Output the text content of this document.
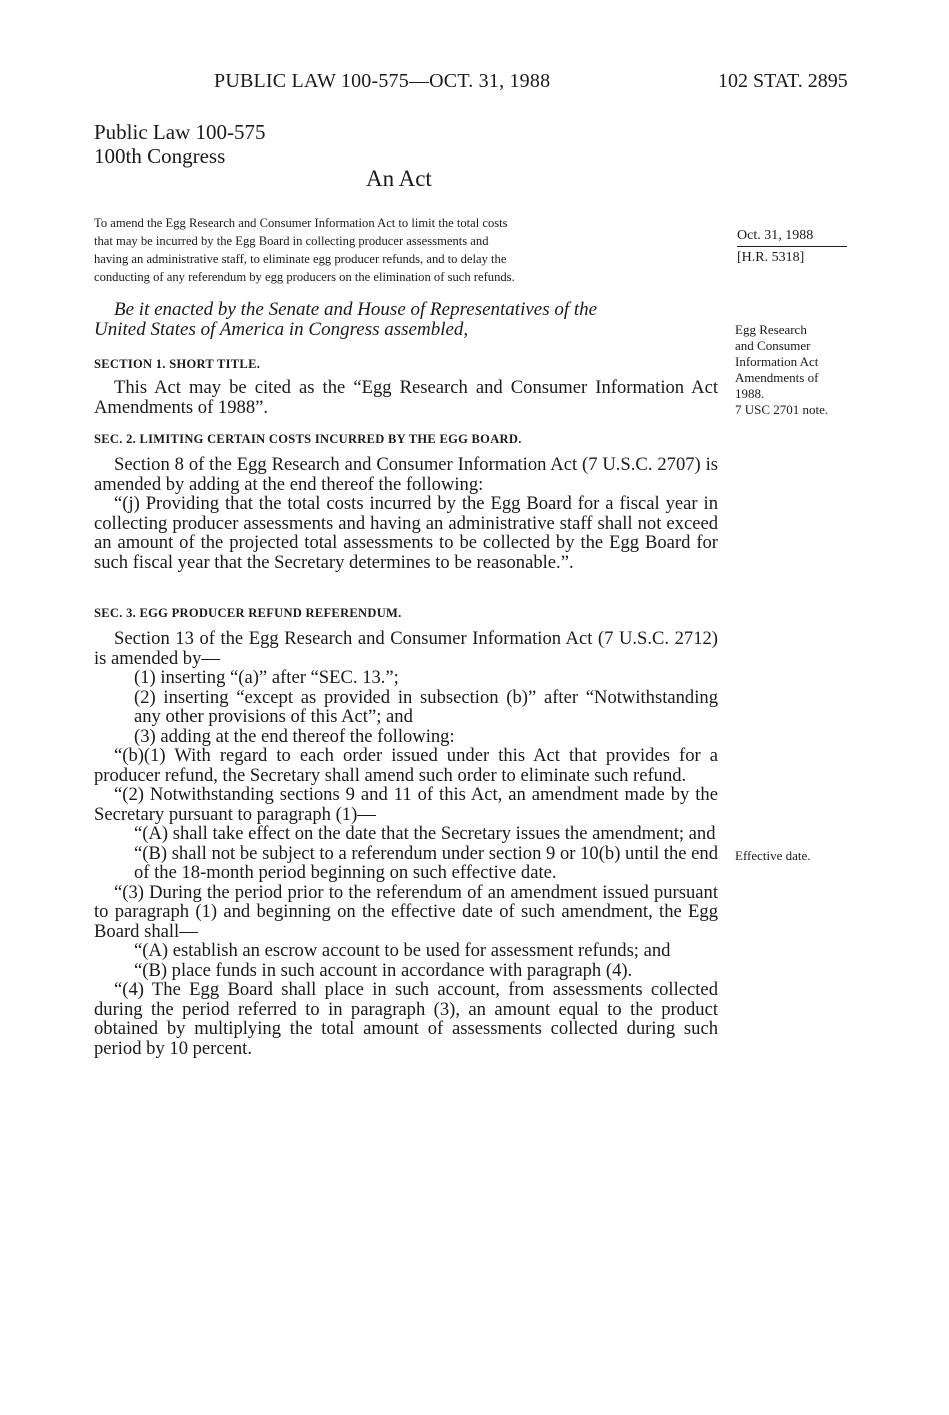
PUBLIC LAW 100-575—OCT. 31, 1988	102 STAT. 2895
Public Law 100-575
100th Congress
An Act

To amend the Egg Research and Consumer Information Act to limit the total costs

that may be incurred by the Egg Board in collecting producer assessments and

having an administrative staff, to eliminate egg producer refunds, and to delay the

conducting of any referendum by egg producers on the elimination of such refunds.

Oct. 31, 1988
[H.R. 5318]
Egg Research
and Consumer
Information Act
Amendments of
1988.
7 USC 2701 note.
Effective date.

Be it enacted by the Senate and House of Representatives of the

United States of America in Congress assembled,

SECTION 1. SHORT TITLE.

This Act may be cited as the “Egg Research and Consumer Information Act Amendments of 1988”.

SEC. 2. LIMITING CERTAIN COSTS INCURRED BY THE EGG BOARD.

Section 8 of the Egg Research and Consumer Information Act (7 U.S.C. 2707) is amended by adding at the end thereof the following:

“(j) Providing that the total costs incurred by the Egg Board for a fiscal year in collecting producer assessments and having an administrative staff shall not exceed an amount of the projected total assessments to be collected by the Egg Board for such fiscal year that the Secretary determines to be reasonable.”.

SEC. 3. EGG PRODUCER REFUND REFERENDUM.

Section 13 of the Egg Research and Consumer Information Act (7 U.S.C. 2712) is amended by—

(1) inserting “(a)” after “SEC. 13.”;

(2) inserting “except as provided in subsection (b)” after “Notwithstanding any other provisions of this Act”; and

(3) adding at the end thereof the following:

“(b)(1) With regard to each order issued under this Act that provides for a producer refund, the Secretary shall amend such order to eliminate such refund.

“(2) Notwithstanding sections 9 and 11 of this Act, an amendment made by the Secretary pursuant to paragraph (1)—

“(A) shall take effect on the date that the Secretary issues the amendment; and

“(B) shall not be subject to a referendum under section 9 or 10(b) until the end of the 18-month period beginning on such effective date.

“(3) During the period prior to the referendum of an amendment issued pursuant to paragraph (1) and beginning on the effective date of such amendment, the Egg Board shall—

“(A) establish an escrow account to be used for assessment refunds; and

“(B) place funds in such account in accordance with paragraph (4).

“(4) The Egg Board shall place in such account, from assessments collected during the period referred to in paragraph (3), an amount equal to the product obtained by multiplying the total amount of assessments collected during such period by 10 percent.
